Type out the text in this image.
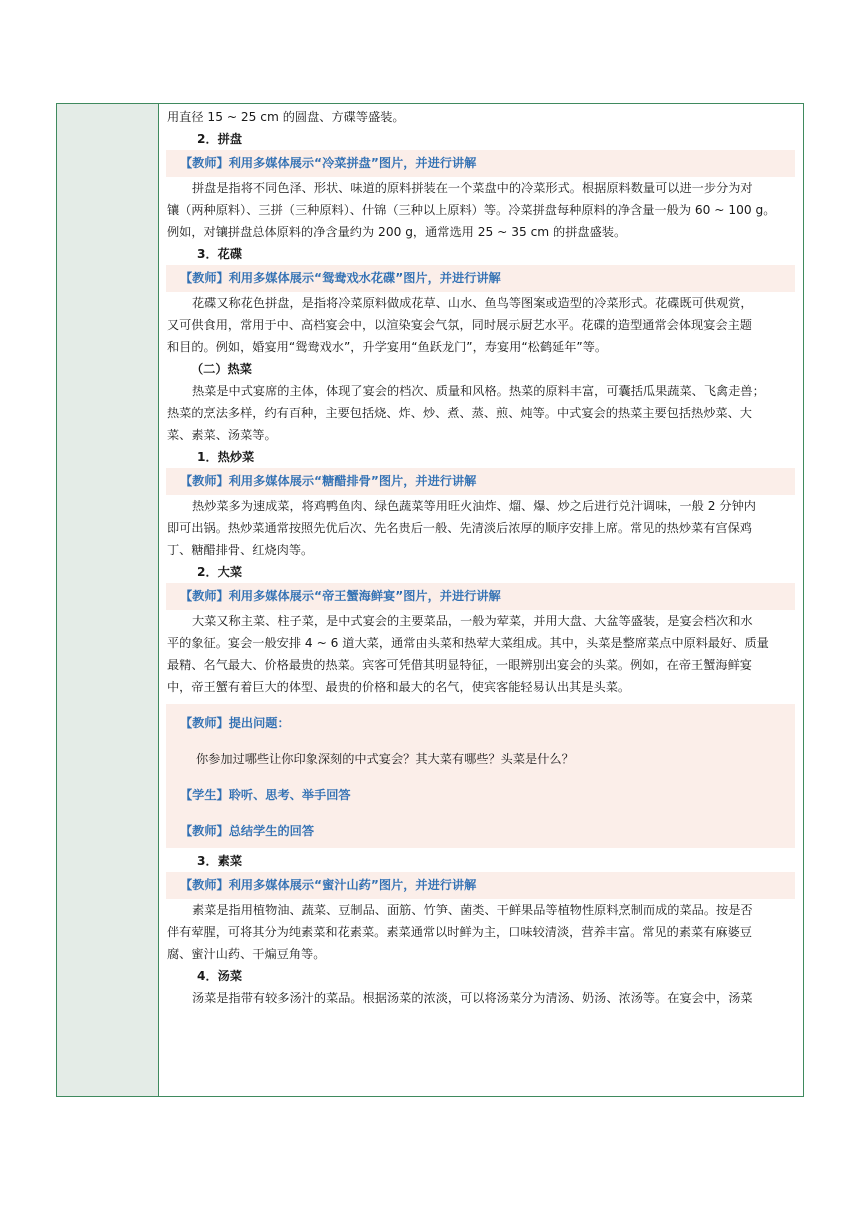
用直径 15 ~ 25 cm 的圆盘、方碟等盛装。
2．拼盘
【教师】利用多媒体展示“冷菜拼盘”图片，并进行讲解
拼盘是指将不同色泽、形状、味道的原料拼装在一个菜盘中的冷菜形式。根据原料数量可以进一步分为对
镶（两种原料）、三拼（三种原料）、什锦（三种以上原料）等。冷菜拼盘每种原料的净含量一般为 60 ~ 100 g。
例如，对镶拼盘总体原料的净含量约为 200 g，通常选用 25 ~ 35 cm 的拼盘盛装。
3．花碟
【教师】利用多媒体展示“鸳鸯戏水花碟”图片，并进行讲解
花碟又称花色拼盘，是指将冷菜原料做成花草、山水、鱼鸟等图案或造型的冷菜形式。花碟既可供观赏，
又可供食用，常用于中、高档宴会中，以渲染宴会气氛，同时展示厨艺水平。花碟的造型通常会体现宴会主题
和目的。例如，婚宴用“鸳鸯戏水”，升学宴用“鱼跃龙门”，寿宴用“松鹤延年”等。
（二）热菜
热菜是中式宴席的主体，体现了宴会的档次、质量和风格。热菜的原料丰富，可囊括瓜果蔬菜、飞禽走兽；
热菜的烹法多样，约有百种，主要包括烧、炸、炒、煮、蒸、煎、炖等。中式宴会的热菜主要包括热炒菜、大
菜、素菜、汤菜等。
1．热炒菜
【教师】利用多媒体展示“糖醋排骨”图片，并进行讲解
热炒菜多为速成菜，将鸡鸭鱼肉、绿色蔬菜等用旺火油炸、熘、爆、炒之后进行兑汁调味，一般 2 分钟内
即可出锅。热炒菜通常按照先优后次、先名贵后一般、先清淡后浓厚的顺序安排上席。常见的热炒菜有宫保鸡
丁、糖醋排骨、红烧肉等。
2．大菜
【教师】利用多媒体展示“帝王蟹海鲜宴”图片，并进行讲解
大菜又称主菜、柱子菜，是中式宴会的主要菜品，一般为荤菜，并用大盘、大盆等盛装，是宴会档次和水
平的象征。宴会一般安排 4 ~ 6 道大菜，通常由头菜和热荤大菜组成。其中，头菜是整席菜点中原料最好、质量
最精、名气最大、价格最贵的热菜。宾客可凭借其明显特征，一眼辨别出宴会的头菜。例如，在帝王蟹海鲜宴
中，帝王蟹有着巨大的体型、最贵的价格和最大的名气，使宾客能轻易认出其是头菜。
【教师】提出问题：
你参加过哪些让你印象深刻的中式宴会？其大菜有哪些？头菜是什么？
【学生】聆听、思考、举手回答
【教师】总结学生的回答
3．素菜
【教师】利用多媒体展示“蜜汁山药”图片，并进行讲解
素菜是指用植物油、蔬菜、豆制品、面筋、竹笋、菌类、干鲜果品等植物性原料烹制而成的菜品。按是否
伴有荤腥，可将其分为纯素菜和花素菜。素菜通常以时鲜为主，口味较清淡，营养丰富。常见的素菜有麻婆豆
腐、蜜汁山药、干煸豆角等。
4．汤菜
汤菜是指带有较多汤汁的菜品。根据汤菜的浓淡，可以将汤菜分为清汤、奶汤、浓汤等。在宴会中，汤菜
